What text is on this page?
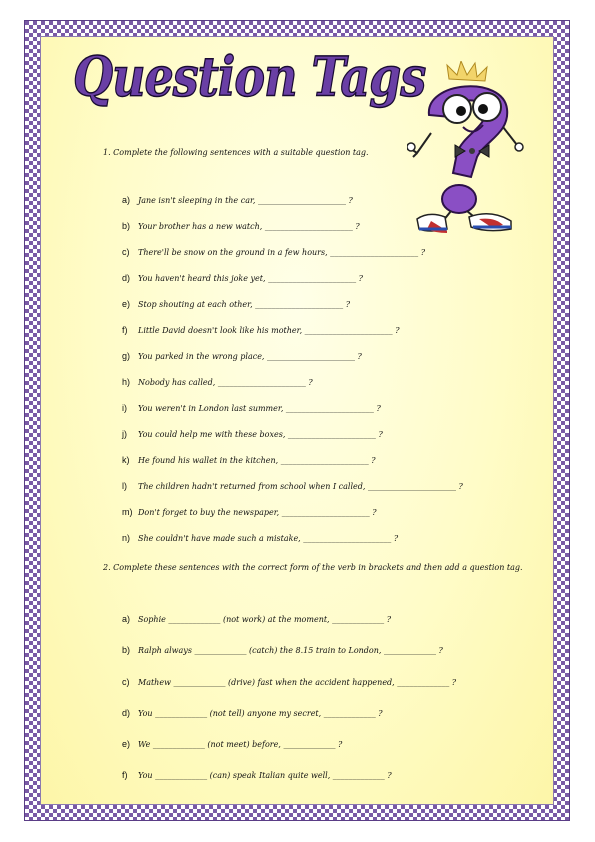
Question Tags
1. Complete the following sentences with a suitable question tag.
a) Jane isn't sleeping in the car, ______________________ ?
b) Your brother has a new watch, ______________________ ?
c) There'll be snow on the ground in a few hours, ______________________ ?
d) You haven't heard this joke yet, ______________________ ?
e) Stop shouting at each other, ______________________ ?
f) Little David doesn't look like his mother, ______________________ ?
g) You parked in the wrong place, ______________________ ?
h) Nobody has called, ______________________ ?
i) You weren't in London last summer, ______________________ ?
j) You could help me with these boxes, ______________________ ?
k) He found his wallet in the kitchen, ______________________ ?
l) The children hadn't returned from school when I called, ______________________ ?
m) Don't forget to buy the newspaper, ______________________ ?
n) She couldn't have made such a mistake, ______________________ ?
2. Complete these sentences with the correct form of the verb in brackets and then add a question tag.
a) Sophie _____________ (not work) at the moment, _____________ ?
b) Ralph always _____________ (catch) the 8.15 train to London, _____________ ?
c) Mathew _____________ (drive) fast when the accident happened, _____________ ?
d) You _____________ (not tell) anyone my secret, _____________ ?
e) We _____________ (not meet) before, _____________ ?
f) You _____________ (can) speak Italian quite well, _____________ ?
